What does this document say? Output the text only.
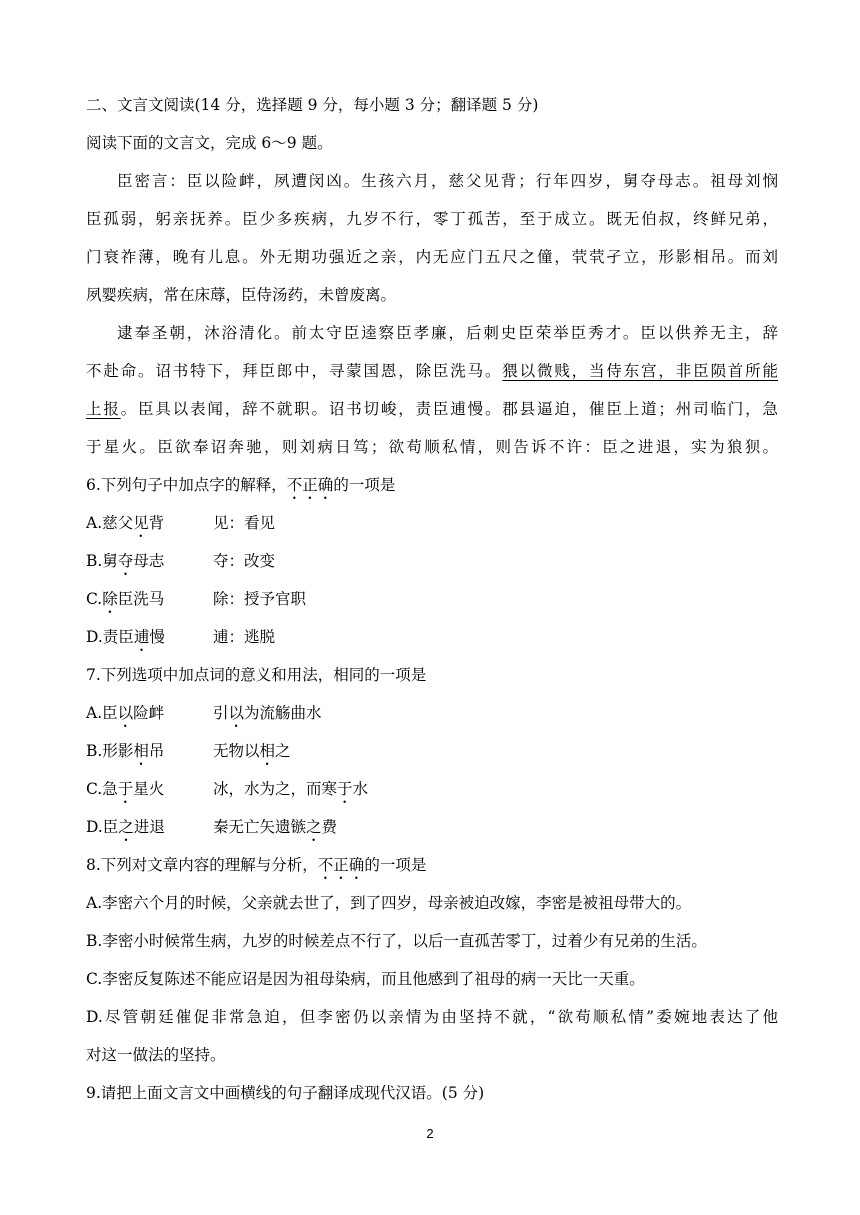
二、文言文阅读(14 分，选择题 9 分，每小题 3 分；翻译题 5 分)
阅读下面的文言文，完成 6～9 题。
臣密言：臣以险衅，夙遭闵凶。生孩六月，慈父见背；行年四岁，舅夺母志。祖母刘悯
臣孤弱，躬亲抚养。臣少多疾病，九岁不行，零丁孤苦，至于成立。既无伯叔，终鲜兄弟，
门衰祚薄，晚有儿息。外无期功强近之亲，内无应门五尺之僮，茕茕孑立，形影相吊。而刘
夙婴疾病，常在床蓐，臣侍汤药，未曾废离。
逮奉圣朝，沐浴清化。前太守臣逵察臣孝廉，后刺史臣荣举臣秀才。臣以供养无主，辞
不赴命。诏书特下，拜臣郎中，寻蒙国恩，除臣洗马。猥以微贱，当侍东宫，非臣陨首所能
上报。臣具以表闻，辞不就职。诏书切峻，责臣逋慢。郡县逼迫，催臣上道；州司临门，急
于星火。臣欲奉诏奔驰，则刘病日笃；欲苟顺私情，则告诉不许：臣之进退，实为狼狈。
6.下列句子中加点字的解释，不正确的一项是
A.慈父见背	见：看见
B.舅夺母志	夺：改变
C.除臣洗马	除：授予官职
D.责臣逋慢	逋：逃脱
7.下列选项中加点词的意义和用法，相同的一项是
A.臣以险衅	引以为流觞曲水
B.形影相吊	无物以相之
C.急于星火	冰，水为之，而寒于水
D.臣之进退	秦无亡矢遗镞之费
8.下列对文章内容的理解与分析，不正确的一项是
A.李密六个月的时候，父亲就去世了，到了四岁，母亲被迫改嫁，李密是被祖母带大的。
B.李密小时候常生病，九岁的时候差点不行了，以后一直孤苦零丁，过着少有兄弟的生活。
C.李密反复陈述不能应诏是因为祖母染病，而且他感到了祖母的病一天比一天重。
D.尽管朝廷催促非常急迫，但李密仍以亲情为由坚持不就，“欲苟顺私情”委婉地表达了他
对这一做法的坚持。
9.请把上面文言文中画横线的句子翻译成现代汉语。(5 分)
2
